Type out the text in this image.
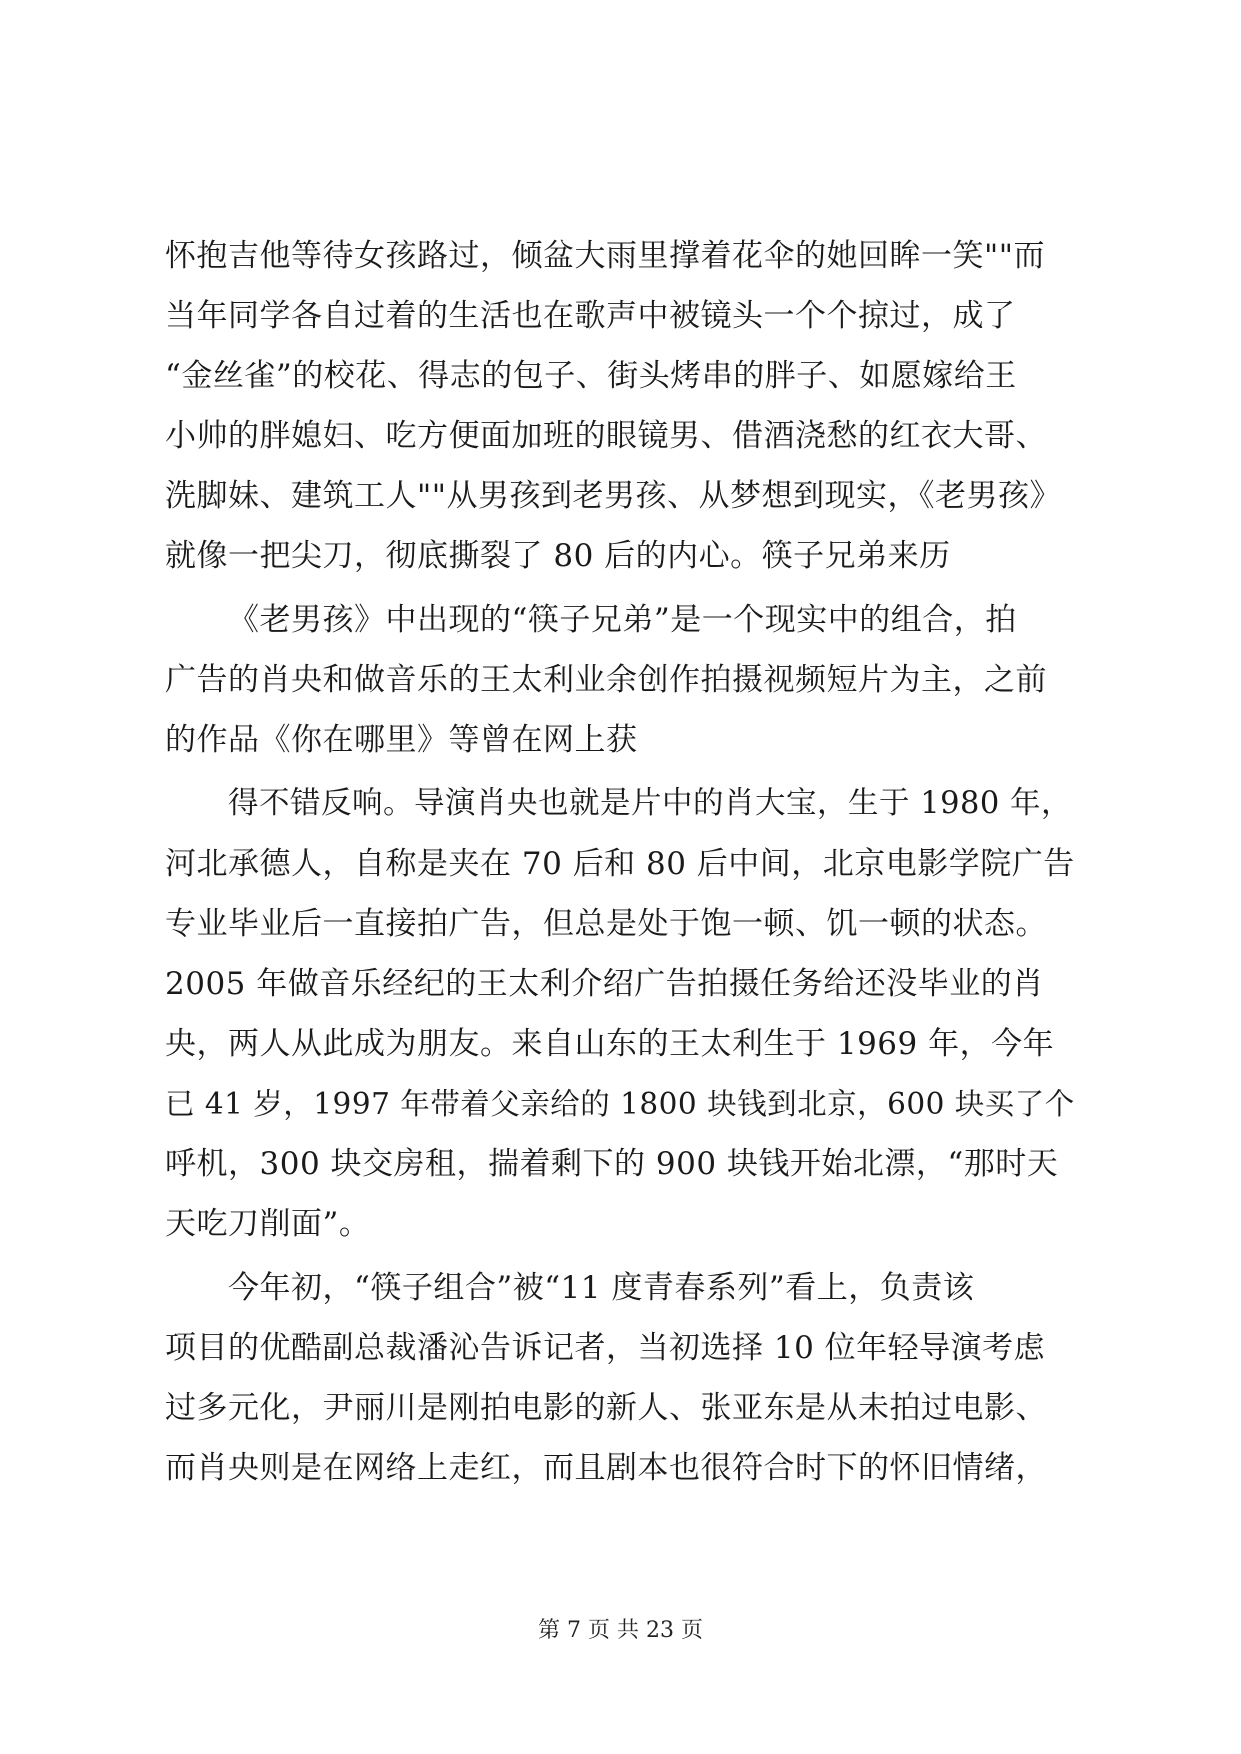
怀抱吉他等待女孩路过，倾盆大雨里撑着花伞的她回眸一笑""而
当年同学各自过着的生活也在歌声中被镜头一个个掠过，成了
“金丝雀”的校花、得志的包子、街头烤串的胖子、如愿嫁给王
小帅的胖媳妇、吃方便面加班的眼镜男、借酒浇愁的红衣大哥、
洗脚妹、建筑工人""从男孩到老男孩、从梦想到现实，《老男孩》
就像一把尖刀，彻底撕裂了 80 后的内心。筷子兄弟来历
《老男孩》中出现的“筷子兄弟”是一个现实中的组合，拍
广告的肖央和做音乐的王太利业余创作拍摄视频短片为主，之前
的作品《你在哪里》等曾在网上获
得不错反响。导演肖央也就是片中的肖大宝，生于 1980 年，
河北承德人，自称是夹在 70 后和 80 后中间，北京电影学院广告
专业毕业后一直接拍广告，但总是处于饱一顿、饥一顿的状态。
2005 年做音乐经纪的王太利介绍广告拍摄任务给还没毕业的肖
央，两人从此成为朋友。来自山东的王太利生于 1969 年，今年
已 41 岁，1997 年带着父亲给的 1800 块钱到北京，600 块买了个
呼机，300 块交房租，揣着剩下的 900 块钱开始北漂，“那时天
天吃刀削面”。
今年初，“筷子组合”被“11 度青春系列”看上，负责该
项目的优酷副总裁潘沁告诉记者，当初选择 10 位年轻导演考虑
过多元化，尹丽川是刚拍电影的新人、张亚东是从未拍过电影、
而肖央则是在网络上走红，而且剧本也很符合时下的怀旧情绪，
第 7 页 共 23 页
